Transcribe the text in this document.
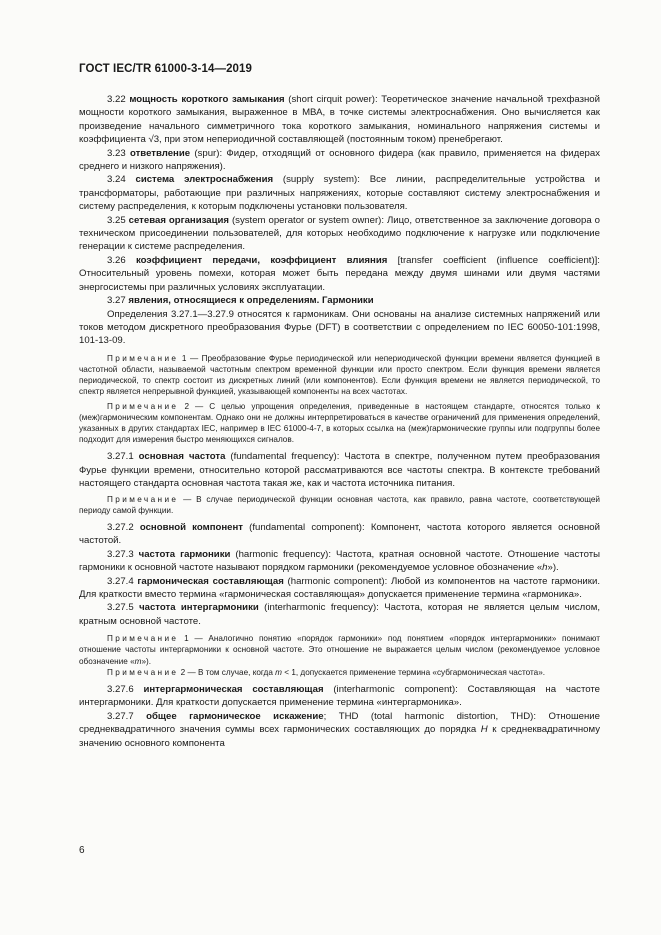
ГОСТ IEC/TR 61000-3-14—2019

3.22 мощность короткого замыкания (short cirquit power): Теоретическое значение начальной трехфазной мощности короткого замыкания, выраженное в МВА, в точке системы электроснабжения. Оно вычисляется как произведение начального симметричного тока короткого замыкания, номинального напряжения системы и коэффициента √3, при этом непериодичной составляющей (постоянным током) пренебрегают.

3.23 ответвление (spur): Фидер, отходящий от основного фидера (как правило, применяется на фидерах среднего и низкого напряжения).

3.24 система электроснабжения (supply system): Все линии, распределительные устройства и трансформаторы, работающие при различных напряжениях, которые составляют систему электроснабжения и систему распределения, к которым подключены установки пользователя.

3.25 сетевая организация (system operator or system owner): Лицо, ответственное за заключение договора о техническом присоединении пользователей, для которых необходимо подключение к нагрузке или подключение генерации к системе распределения.

3.26 коэффициент передачи, коэффициент влияния [transfer coefficient (influence coefficient)]: Относительный уровень помехи, которая может быть передана между двумя шинами или двумя частями энергосистемы при различных условиях эксплуатации.

3.27 явления, относящиеся к определениям. Гармоники

Определения 3.27.1—3.27.9 относятся к гармоникам. Они основаны на анализе системных напряжений или токов методом дискретного преобразования Фурье (DFT) в соответствии с определением по IEC 60050-101:1998, 101-13-09.

Примечание 1 — Преобразование Фурье периодической или непериодической функции времени является функцией в частотной области, называемой частотным спектром временной функции или просто спектром. Если функция времени является периодической, то спектр состоит из дискретных линий (или компонентов). Если функция времени не является периодической, то спектр является непрерывной функцией, указывающей компоненты на всех частотах.

Примечание 2 — С целью упрощения определения, приведенные в настоящем стандарте, относятся только к (меж)гармоническим компонентам. Однако они не должны интерпретироваться в качестве ограничений для применения определений, указанных в других стандартах IEC, например в IEC 61000-4-7, в которых ссылка на (меж)гармонические группы или подгруппы более подходит для измерения быстро меняющихся сигналов.

3.27.1 основная частота (fundamental frequency): Частота в спектре, полученном путем преобразования Фурье функции времени, относительно которой рассматриваются все частоты спектра. В контексте требований настоящего стандарта основная частота такая же, как и частота источника питания.

Примечание — В случае периодической функции основная частота, как правило, равна частоте, соответствующей периоду самой функции.

3.27.2 основной компонент (fundamental component): Компонент, частота которого является основной частотой.

3.27.3 частота гармоники (harmonic frequency): Частота, кратная основной частоте. Отношение частоты гармоники к основной частоте называют порядком гармоники (рекомендуемое условное обозначение «h»).

3.27.4 гармоническая составляющая (harmonic component): Любой из компонентов на частоте гармоники. Для краткости вместо термина «гармоническая составляющая» допускается применение термина «гармоника».

3.27.5 частота интергармоники (interharmonic frequency): Частота, которая не является целым числом, кратным основной частоте.

Примечание 1 — Аналогично понятию «порядок гармоники» под понятием «порядок интергармоники» понимают отношение частоты интергармоники к основной частоте. Это отношение не выражается целым числом (рекомендуемое условное обозначение «m»).

Примечание 2 — В том случае, когда m < 1, допускается применение термина «субгармоническая частота».

3.27.6 интергармоническая составляющая (interharmonic component): Составляющая на частоте интергармоники. Для краткости допускается применение термина «интергармоника».

3.27.7 общее гармоническое искажение; THD (total harmonic distortion, THD): Отношение среднеквадратичного значения суммы всех гармонических составляющих до порядка H к среднеквадратичному значению основного компонента

6
